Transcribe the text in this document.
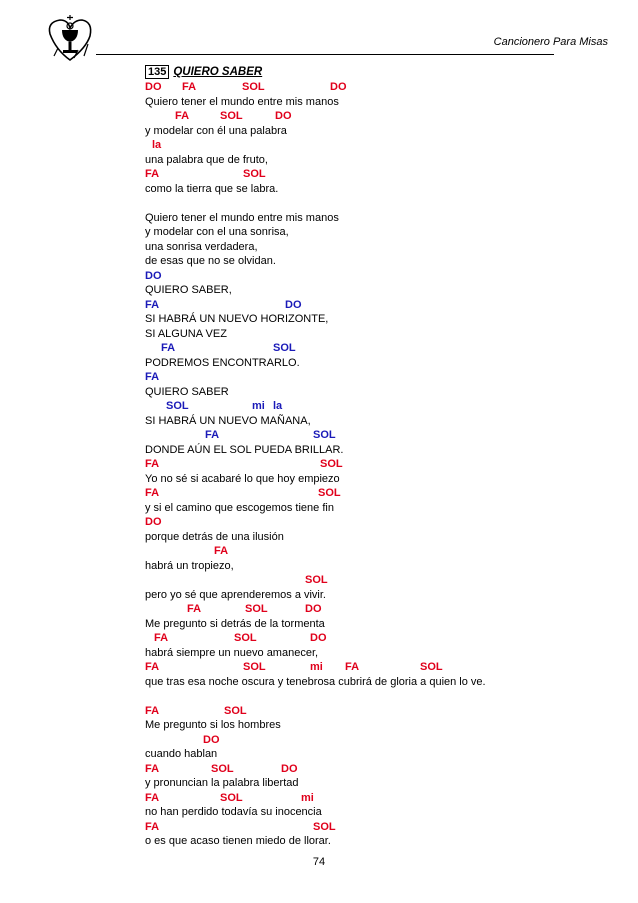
Cancionero Para Misas
135 QUIERO SABER
DO FA	SOL	DO
Quiero tener el mundo entre mis manos
FA	SOL	DO
y modelar con él una palabra
la
una palabra que de fruto,
FA	SOL
como la tierra que se labra.
Quiero tener el mundo entre mis manos
y modelar con el una sonrisa,
una sonrisa verdadera,
de esas que no se olvidan.
DO
QUIERO SABER,
FA	DO
SI HABRÁ UN NUEVO HORIZONTE,
SI ALGUNA VEZ
FA	SOL
PODREMOS ENCONTRARLO.
FA
QUIERO SABER
SOL	mi la
SI HABRÁ UN NUEVO MAÑANA,
FA	SOL
DONDE AÚN EL SOL PUEDA BRILLAR.
FA	SOL
Yo no sé si acabaré lo que hoy empiezo
FA	SOL
y si el camino que escogemos tiene fin
DO
porque detrás de una ilusión
FA
habrá un tropiezo,
SOL
pero yo sé que aprenderemos a vivir.
FA	SOL	DO
Me pregunto si detrás de la tormenta
FA	SOL	DO
habrá siempre un nuevo amanecer,
FA	SOL	mi FA	SOL
que tras esa noche oscura y tenebrosa cubrirá de gloria a quien lo ve.
FA	SOL
Me pregunto si los hombres
DO
cuando hablan
FA	SOL	DO
y pronuncian la palabra libertad
FA	SOL	mi
no han perdido todavía su inocencia
FA	SOL
o es que acaso tienen miedo de llorar.
74
